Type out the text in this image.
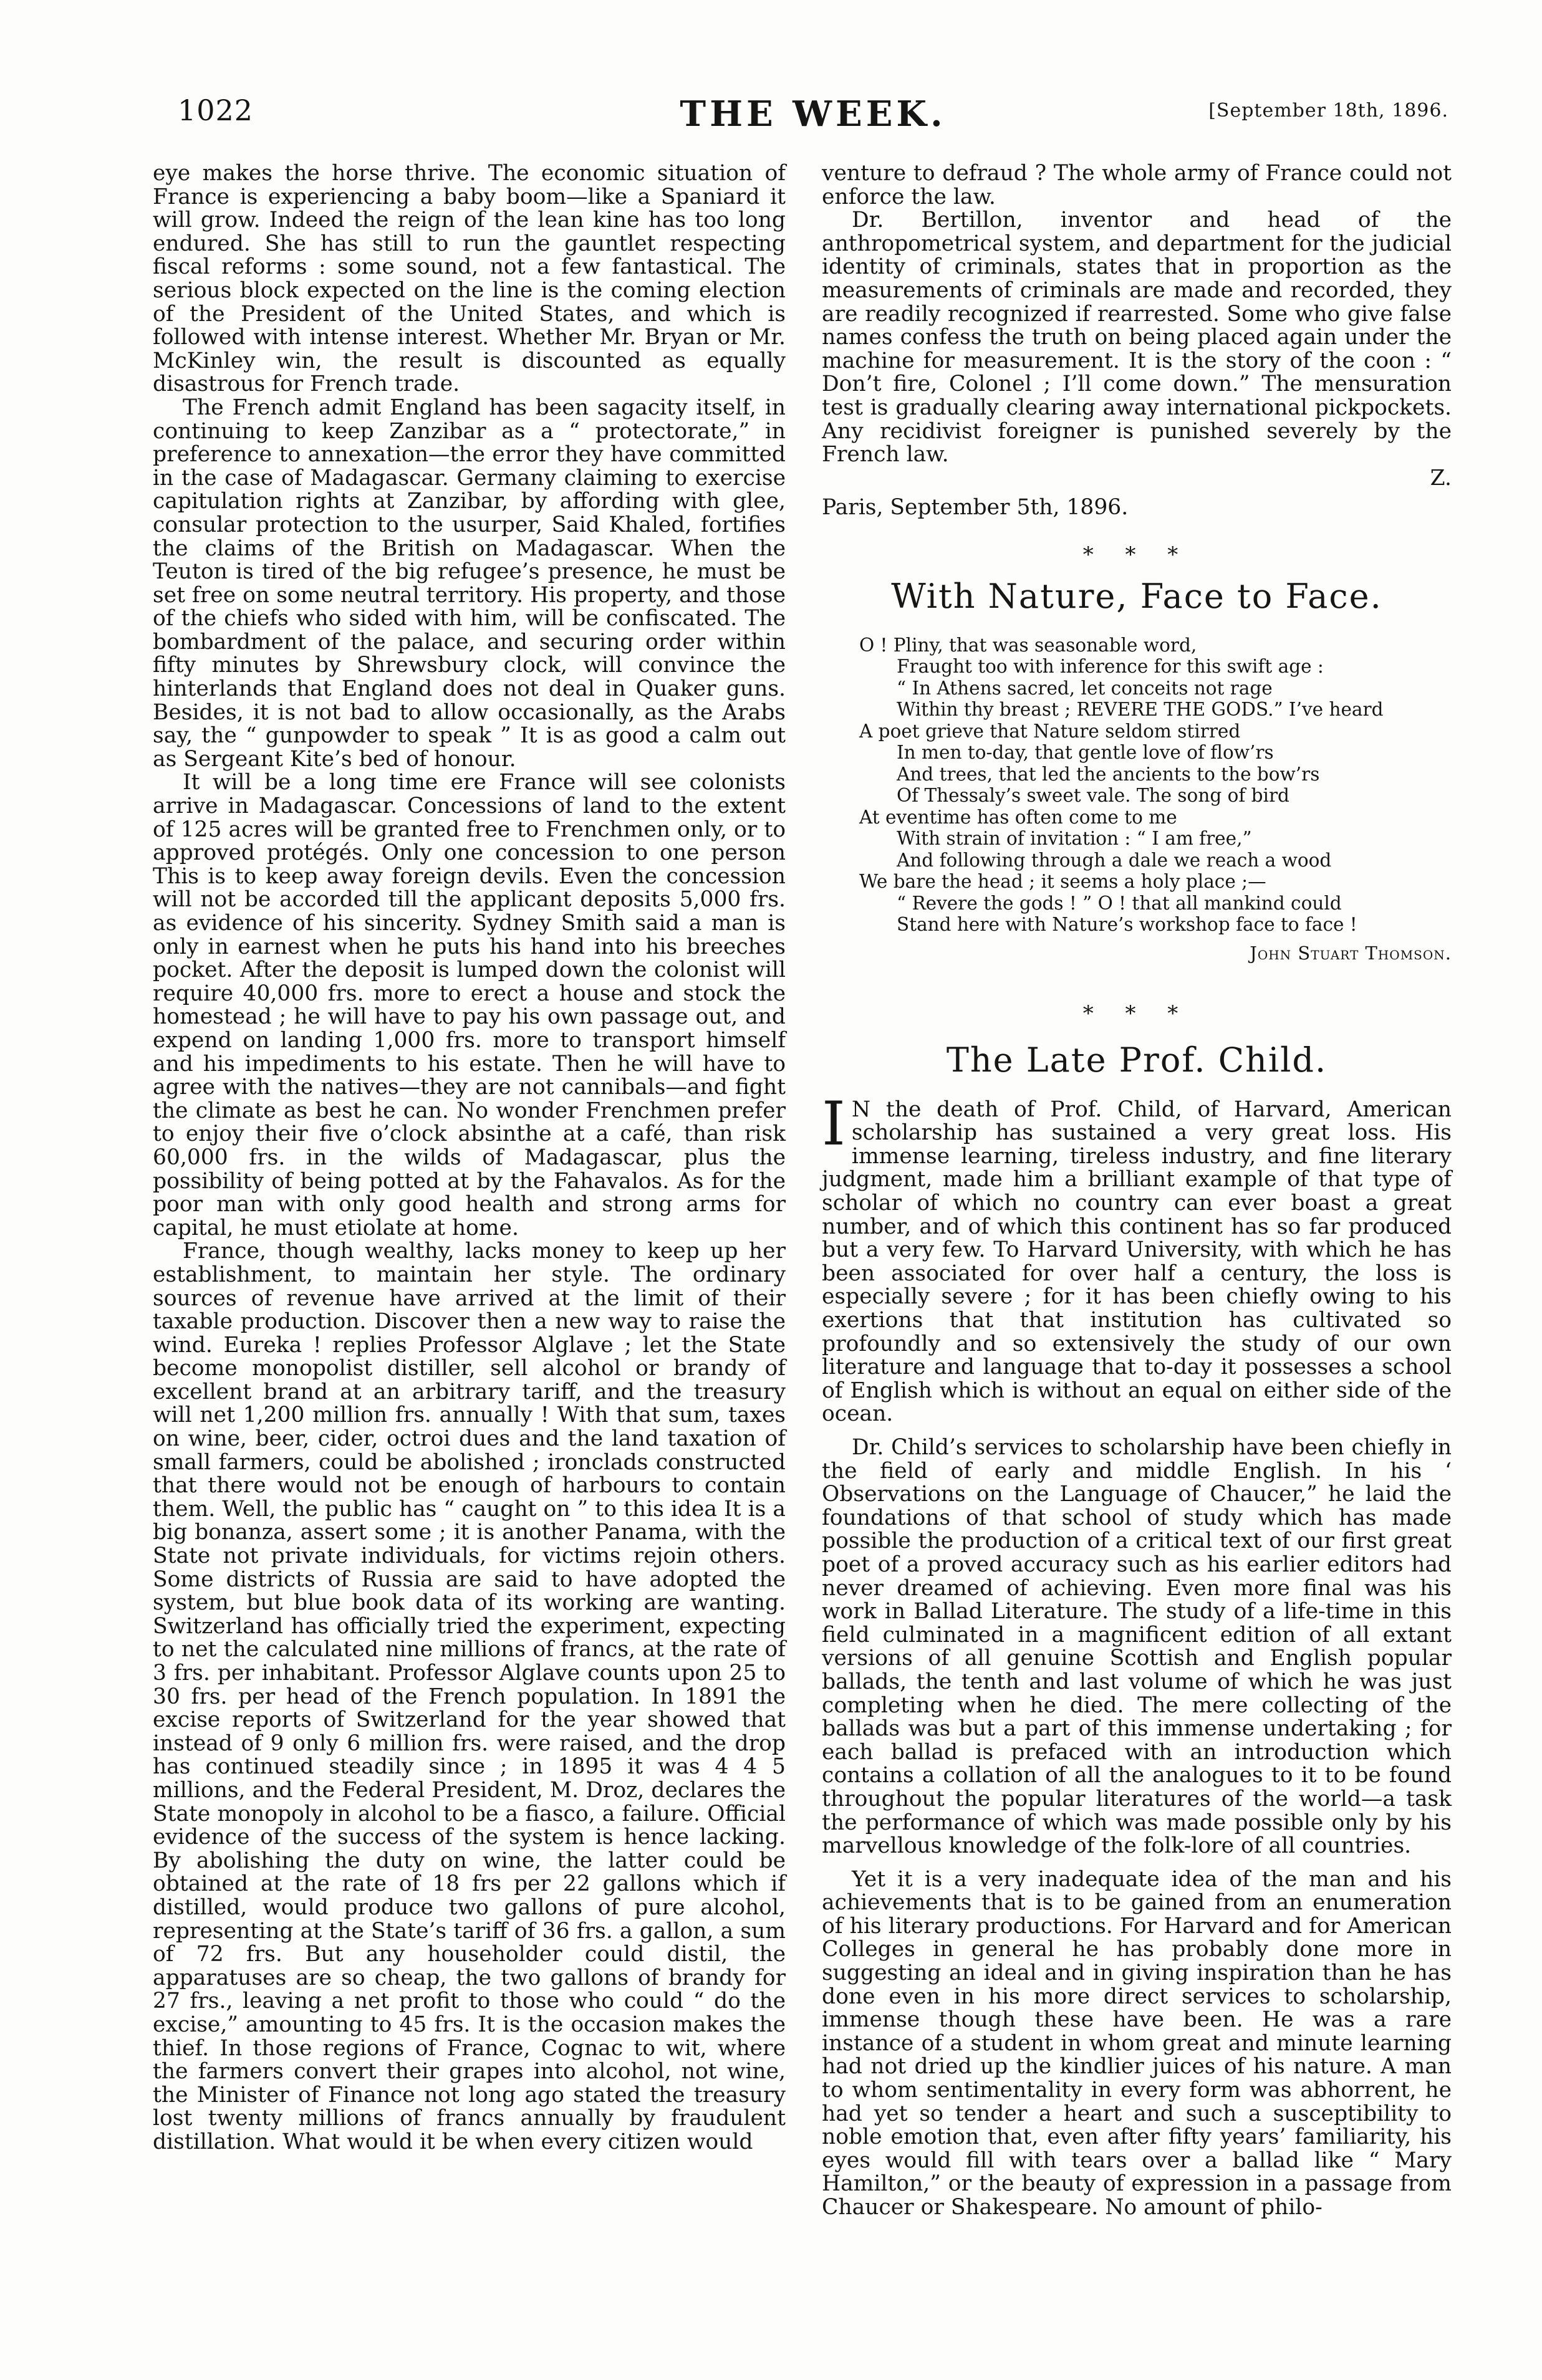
1022	THE WEEK.	[September 18th, 1896.

eye makes the horse thrive. The economic situation of France is experiencing a baby boom—like a Spaniard it will grow. Indeed the reign of the lean kine has too long endured. She has still to run the gauntlet respecting fiscal reforms : some sound, not a few fantastical. The serious block expected on the line is the coming election of the President of the United States, and which is followed with intense interest. Whether Mr. Bryan or Mr. McKinley win, the result is discounted as equally disastrous for French trade.

The French admit England has been sagacity itself, in continuing to keep Zanzibar as a “ protectorate,” in preference to annexation—the error they have committed in the case of Madagascar. Germany claiming to exercise capitulation rights at Zanzibar, by affording with glee, consular protection to the usurper, Said Khaled, fortifies the claims of the British on Madagascar. When the Teuton is tired of the big refugee’s presence, he must be set free on some neutral territory. His property, and those of the chiefs who sided with him, will be confiscated. The bombardment of the palace, and securing order within fifty minutes by Shrewsbury clock, will convince the hinterlands that England does not deal in Quaker guns. Besides, it is not bad to allow occasionally, as the Arabs say, the “ gunpowder to speak ” It is as good a calm out as Sergeant Kite’s bed of honour.

It will be a long time ere France will see colonists arrive in Madagascar. Concessions of land to the extent of 125 acres will be granted free to Frenchmen only, or to approved protégés. Only one concession to one person This is to keep away foreign devils. Even the concession will not be accorded till the applicant deposits 5,000 frs. as evidence of his sincerity. Sydney Smith said a man is only in earnest when he puts his hand into his breeches pocket. After the deposit is lumped down the colonist will require 40,000 frs. more to erect a house and stock the homestead ; he will have to pay his own passage out, and expend on landing 1,000 frs. more to transport himself and his impediments to his estate. Then he will have to agree with the natives—they are not cannibals—and fight the climate as best he can. No wonder Frenchmen prefer to enjoy their five o’clock absinthe at a café, than risk 60,000 frs. in the wilds of Madagascar, plus the possibility of being potted at by the Fahavalos. As for the poor man with only good health and strong arms for capital, he must etiolate at home.

France, though wealthy, lacks money to keep up her establishment, to maintain her style. The ordinary sources of revenue have arrived at the limit of their taxable production. Discover then a new way to raise the wind. Eureka ! replies Professor Alglave ; let the State become monopolist distiller, sell alcohol or brandy of excellent brand at an arbitrary tariff, and the treasury will net 1,200 million frs. annually ! With that sum, taxes on wine, beer, cider, octroi dues and the land taxation of small farmers, could be abolished ; ironclads constructed that there would not be enough of harbours to contain them. Well, the public has “ caught on ” to this idea It is a big bonanza, assert some ; it is another Panama, with the State not private individuals, for victims rejoin others. Some districts of Russia are said to have adopted the system, but blue book data of its working are wanting. Switzerland has officially tried the experiment, expecting to net the calculated nine millions of francs, at the rate of 3 frs. per inhabitant. Professor Alglave counts upon 25 to 30 frs. per head of the French population. In 1891 the excise reports of Switzerland for the year showed that instead of 9 only 6 million frs. were raised, and the drop has continued steadily since ; in 1895 it was 4 4 5 millions, and the Federal President, M. Droz, declares the State monopoly in alcohol to be a fiasco, a failure. Official evidence of the success of the system is hence lacking. By abolishing the duty on wine, the latter could be obtained at the rate of 18 frs per 22 gallons which if distilled, would produce two gallons of pure alcohol, representing at the State’s tariff of 36 frs. a gallon, a sum of 72 frs. But any householder could distil, the apparatuses are so cheap, the two gallons of brandy for 27 frs., leaving a net profit to those who could “ do the excise,” amounting to 45 frs. It is the occasion makes the thief. In those regions of France, Cognac to wit, where the farmers convert their grapes into alcohol, not wine, the Minister of Finance not long ago stated the treasury lost twenty millions of francs annually by fraudulent distillation. What would it be when every citizen would

venture to defraud ? The whole army of France could not enforce the law.

Dr. Bertillon, inventor and head of the anthropometrical system, and department for the judicial identity of criminals, states that in proportion as the measurements of criminals are made and recorded, they are readily recognized if rearrested. Some who give false names confess the truth on being placed again under the machine for measurement. It is the story of the coon : “ Don’t fire, Colonel ; I’ll come down.” The mensuration test is gradually clearing away international pickpockets. Any recidivist foreigner is punished severely by the French law.

Z.

Paris, September 5th, 1896.

* * *
With Nature, Face to Face.
O ! Pliny, that was seasonable word,
Fraught too with inference for this swift age :
“ In Athens sacred, let conceits not rage
Within thy breast ; REVERE THE GODS.” I’ve heard
A poet grieve that Nature seldom stirred
In men to-day, that gentle love of flow’rs
And trees, that led the ancients to the bow’rs
Of Thessaly’s sweet vale. The song of bird
At eventime has often come to me
With strain of invitation : “ I am free,”
And following through a dale we reach a wood
We bare the head ; it seems a holy place ;—
“ Revere the gods ! ” O ! that all mankind could
Stand here with Nature’s workshop face to face !

John Stuart Thomson.

* * *
The Late Prof. Child.

I N the death of Prof. Child, of Harvard, American scholarship has sustained a very great loss. His immense learning, tireless industry, and fine literary judgment, made him a brilliant example of that type of scholar of which no country can ever boast a great number, and of which this continent has so far produced but a very few. To Harvard University, with which he has been associated for over half a century, the loss is especially severe ; for it has been chiefly owing to his exertions that that institution has cultivated so profoundly and so extensively the study of our own literature and language that to-day it possesses a school of English which is without an equal on either side of the ocean.

Dr. Child’s services to scholarship have been chiefly in the field of early and middle English. In his ‘ Observations on the Language of Chaucer,” he laid the foundations of that school of study which has made possible the production of a critical text of our first great poet of a proved accuracy such as his earlier editors had never dreamed of achieving. Even more final was his work in Ballad Literature. The study of a life-time in this field culminated in a magnificent edition of all extant versions of all genuine Scottish and English popular ballads, the tenth and last volume of which he was just completing when he died. The mere collecting of the ballads was but a part of this immense undertaking ; for each ballad is prefaced with an introduction which contains a collation of all the analogues to it to be found throughout the popular literatures of the world—a task the performance of which was made possible only by his marvellous knowledge of the folk-lore of all countries.

Yet it is a very inadequate idea of the man and his achievements that is to be gained from an enumeration of his literary productions. For Harvard and for American Colleges in general he has probably done more in suggesting an ideal and in giving inspiration than he has done even in his more direct services to scholarship, immense though these have been. He was a rare instance of a student in whom great and minute learning had not dried up the kindlier juices of his nature. A man to whom sentimentality in every form was abhorrent, he had yet so tender a heart and such a susceptibility to noble emotion that, even after fifty years’ familiarity, his eyes would fill with tears over a ballad like “ Mary Hamilton,” or the beauty of expression in a passage from Chaucer or Shakespeare. No amount of philo-
